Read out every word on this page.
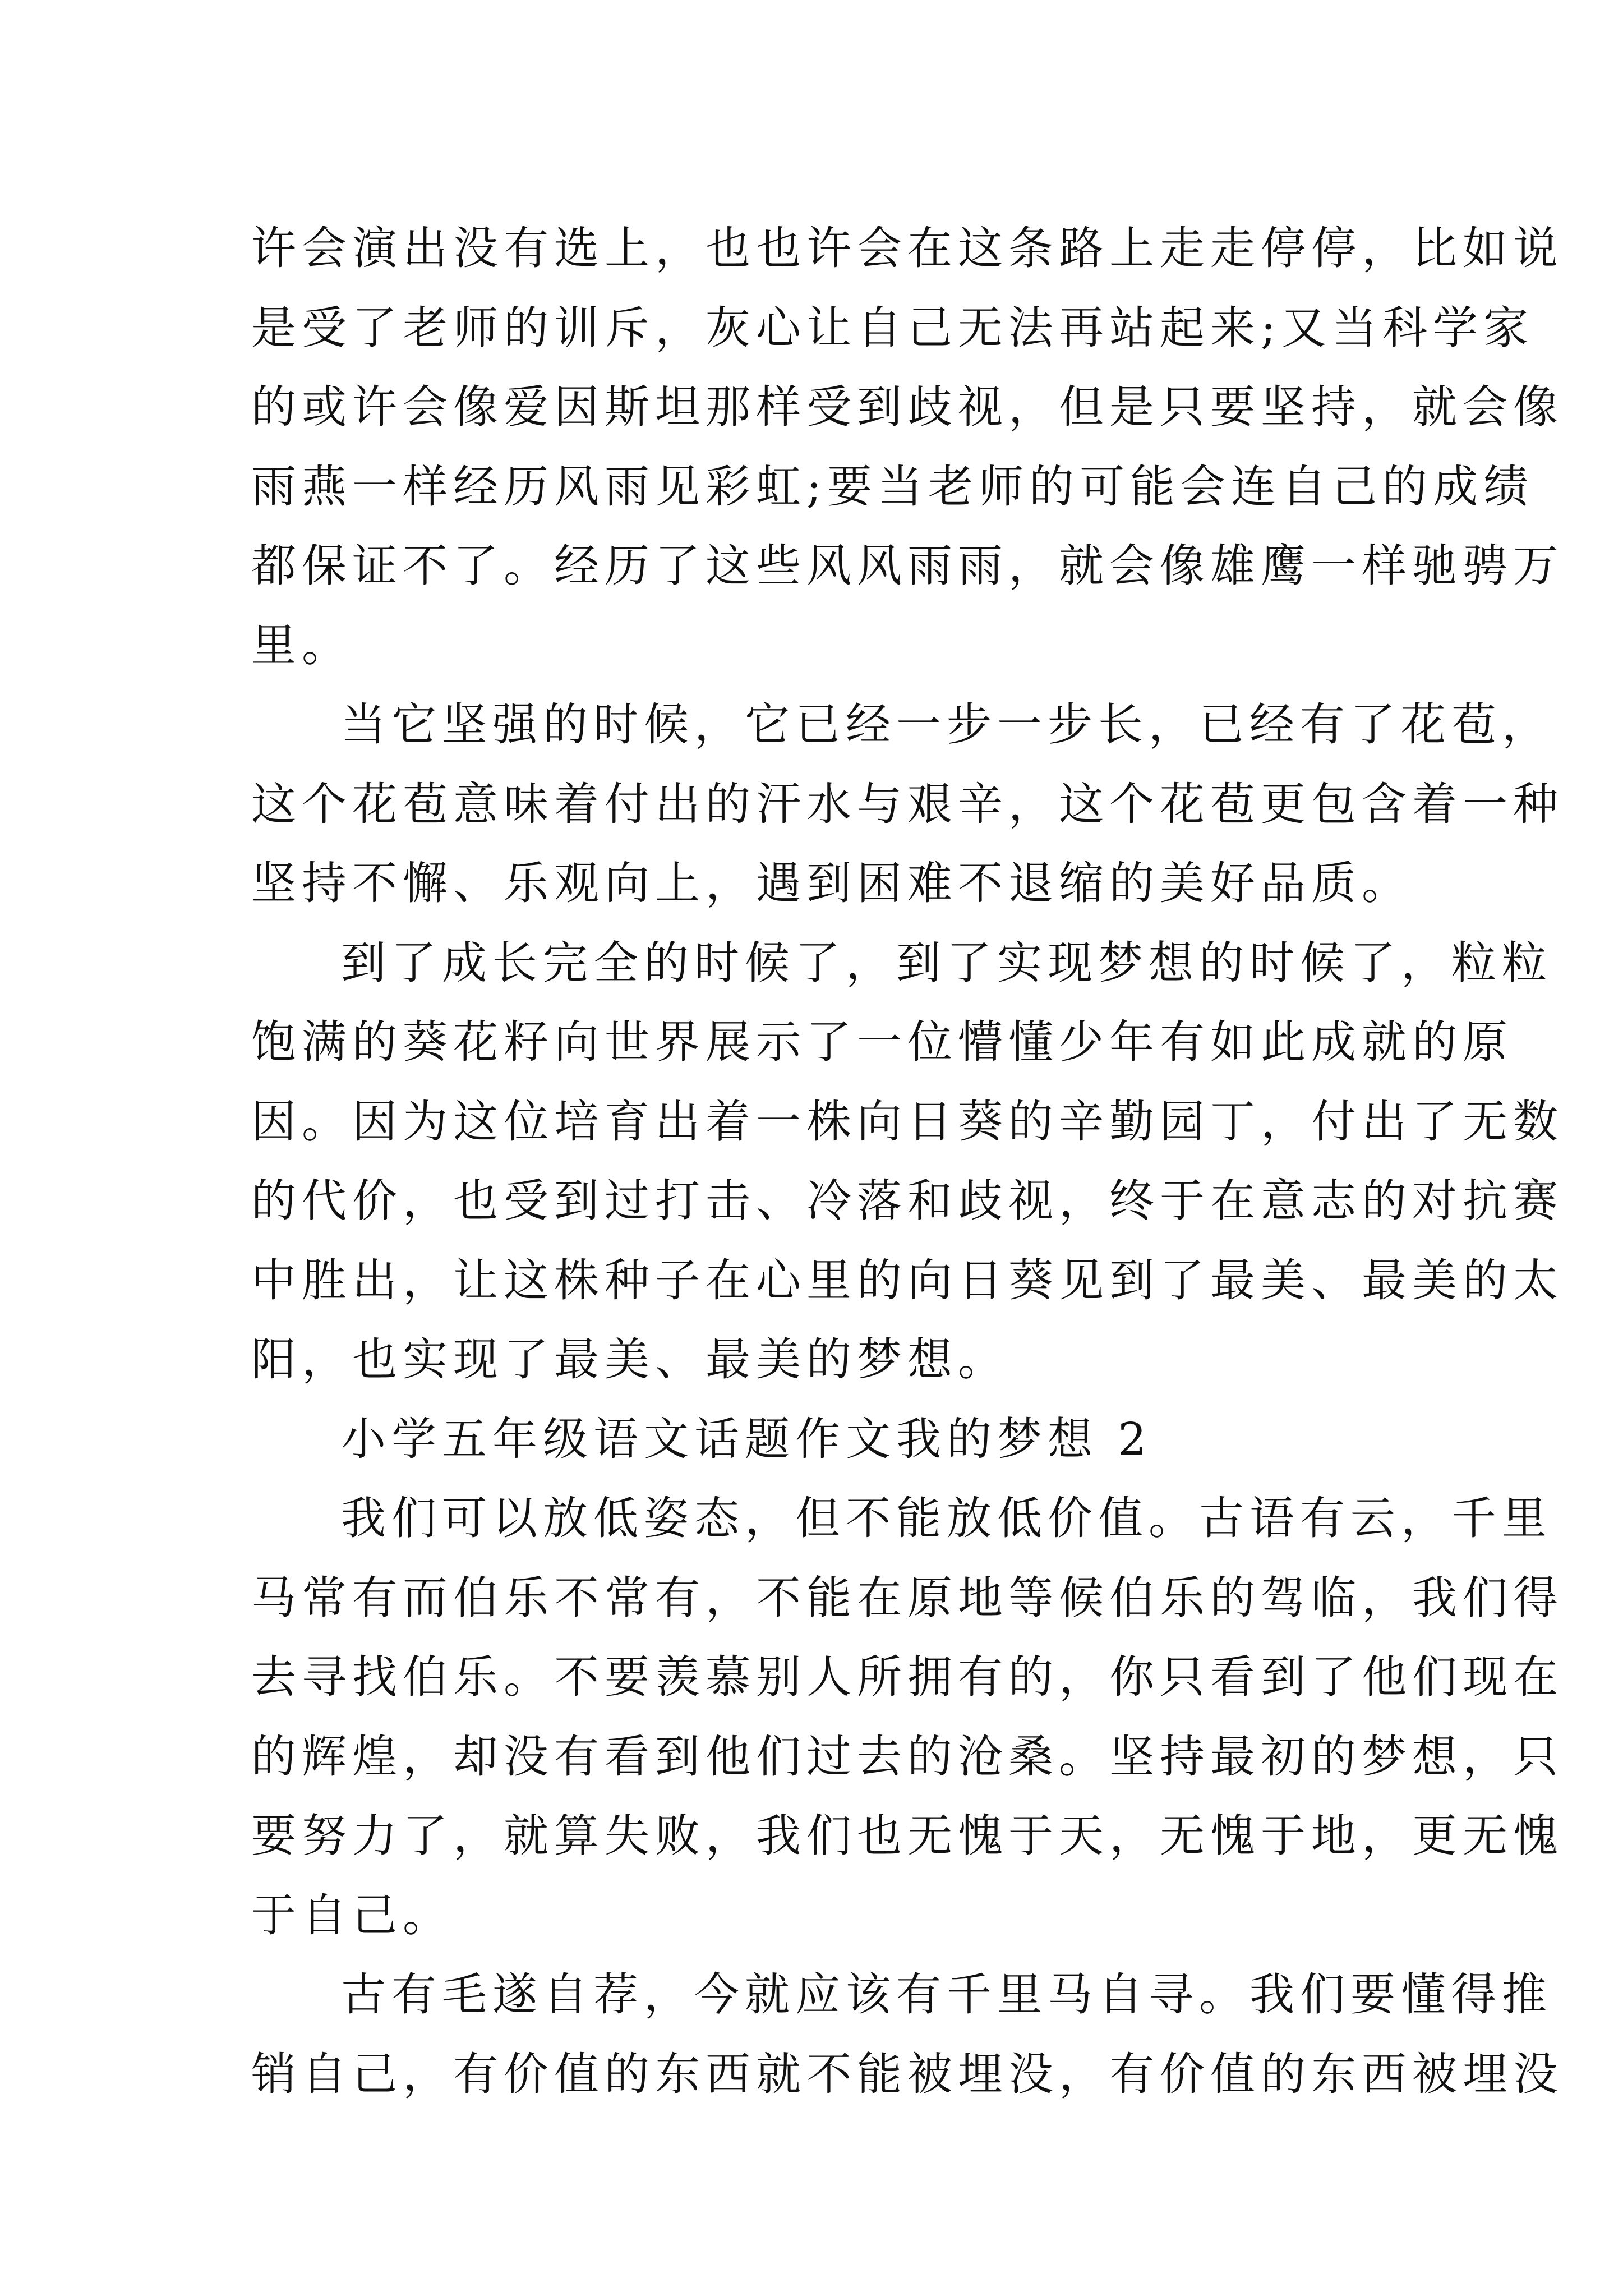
许会演出没有选上，也也许会在这条路上走走停停，比如说
是受了老师的训斥，灰心让自己无法再站起来;又当科学家
的或许会像爱因斯坦那样受到歧视，但是只要坚持，就会像
雨燕一样经历风雨见彩虹;要当老师的可能会连自己的成绩
都保证不了。经历了这些风风雨雨，就会像雄鹰一样驰骋万
里。
当它坚强的时候，它已经一步一步长，已经有了花苞，
这个花苞意味着付出的汗水与艰辛，这个花苞更包含着一种
坚持不懈、乐观向上，遇到困难不退缩的美好品质。
到了成长完全的时候了，到了实现梦想的时候了，粒粒
饱满的葵花籽向世界展示了一位懵懂少年有如此成就的原
因。因为这位培育出着一株向日葵的辛勤园丁，付出了无数
的代价，也受到过打击、冷落和歧视，终于在意志的对抗赛
中胜出，让这株种子在心里的向日葵见到了最美、最美的太
阳，也实现了最美、最美的梦想。
小学五年级语文话题作文我的梦想 2
我们可以放低姿态，但不能放低价值。古语有云，千里
马常有而伯乐不常有，不能在原地等候伯乐的驾临，我们得
去寻找伯乐。不要羡慕别人所拥有的，你只看到了他们现在
的辉煌，却没有看到他们过去的沧桑。坚持最初的梦想，只
要努力了，就算失败，我们也无愧于天，无愧于地，更无愧
于自己。
古有毛遂自荐，今就应该有千里马自寻。我们要懂得推
销自己，有价值的东西就不能被埋没，有价值的东西被埋没
